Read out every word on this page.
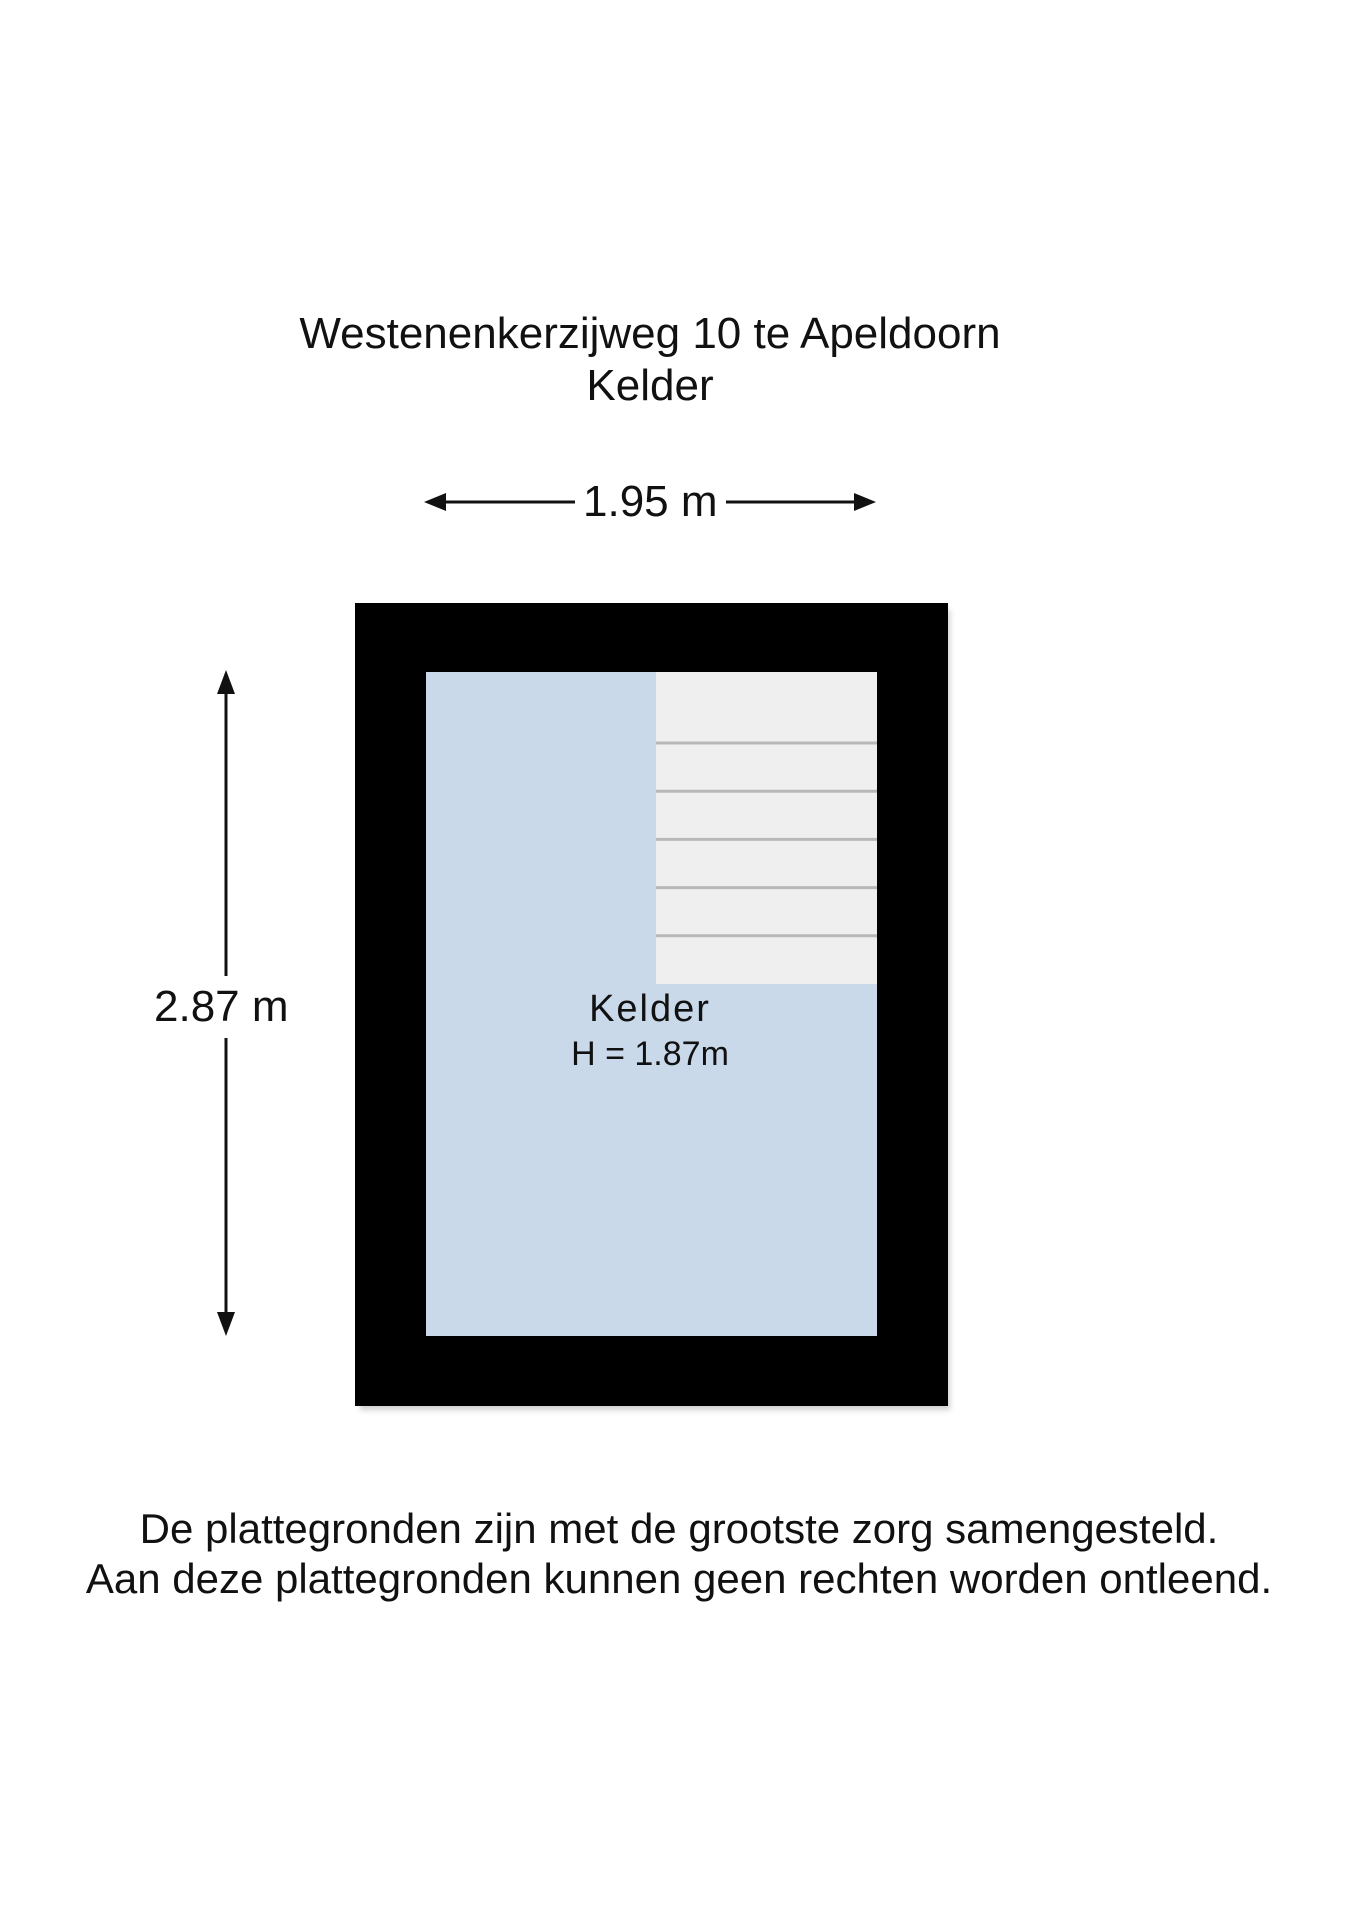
Westenenkerzijweg 10 te Apeldoorn
Kelder
1.95 m
2.87 m	Kelder
H = 1.87m
De plattegronden zijn met de grootste zorg samengesteld.
Aan deze plattegronden kunnen geen rechten worden ontleend.
